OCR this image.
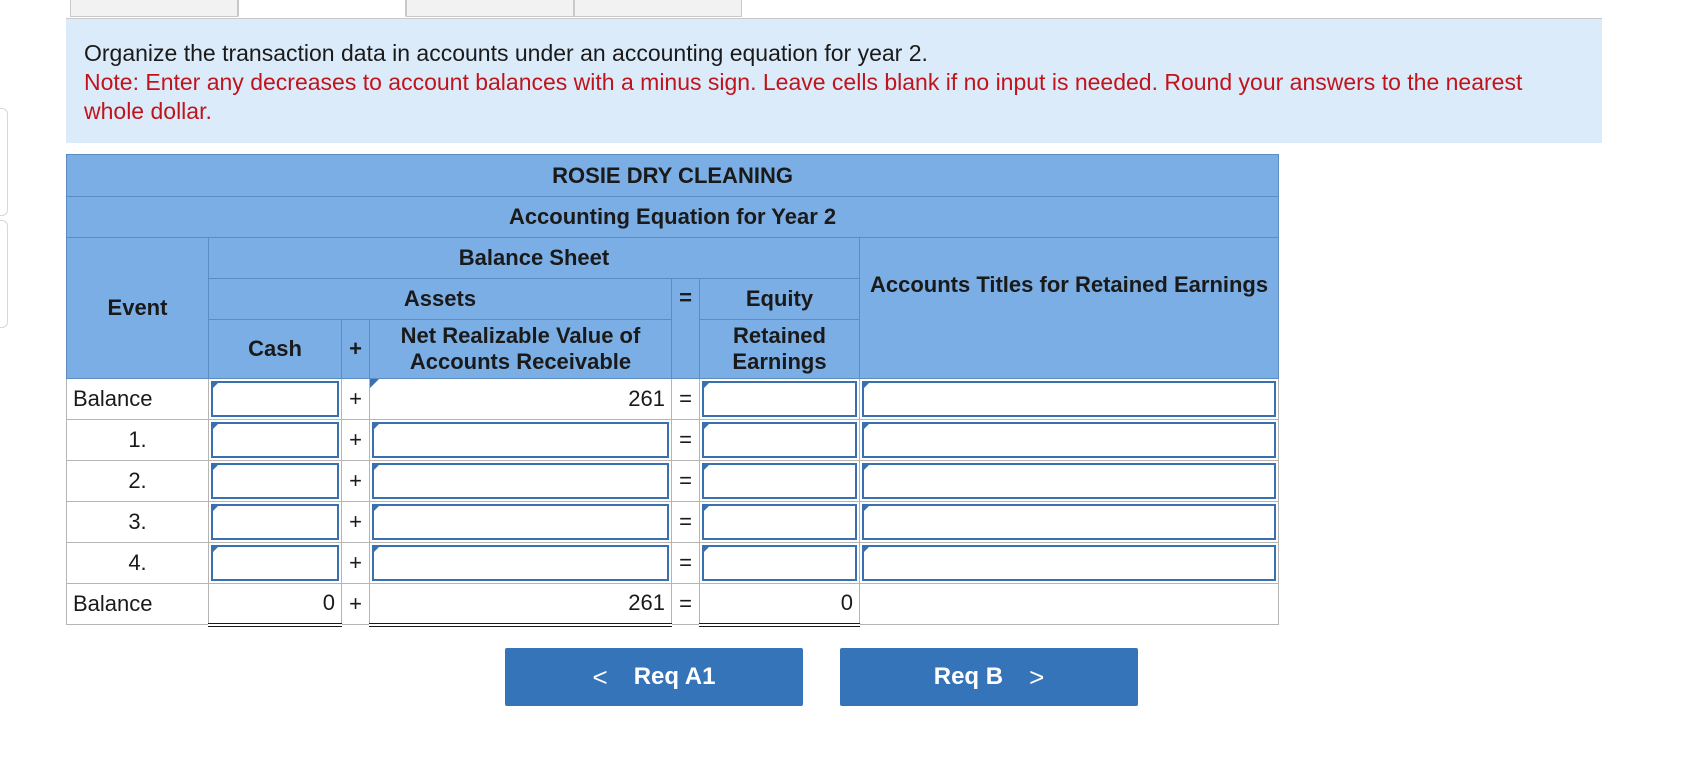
Organize the transaction data in accounts under an accounting equation for year 2.
Note: Enter any decreases to account balances with a minus sign. Leave cells blank if no input is needed. Round your answers to the nearest whole dollar.
ROSIE DRY CLEANING						
Accounting Equation for Year 2						
Event	Balance Sheet					Accounts Titles for Retained Earnings
	Assets			=	Equity	
	Cash	+	Net Realizable Value of Accounts Receivable		Retained Earnings	
Balance		+	261	=	

1.		+		=	

2.		+		=	

3.		+		=	

4.		+		=	

Balance	0	+	261	=	0	
< Req A1	Req B >
